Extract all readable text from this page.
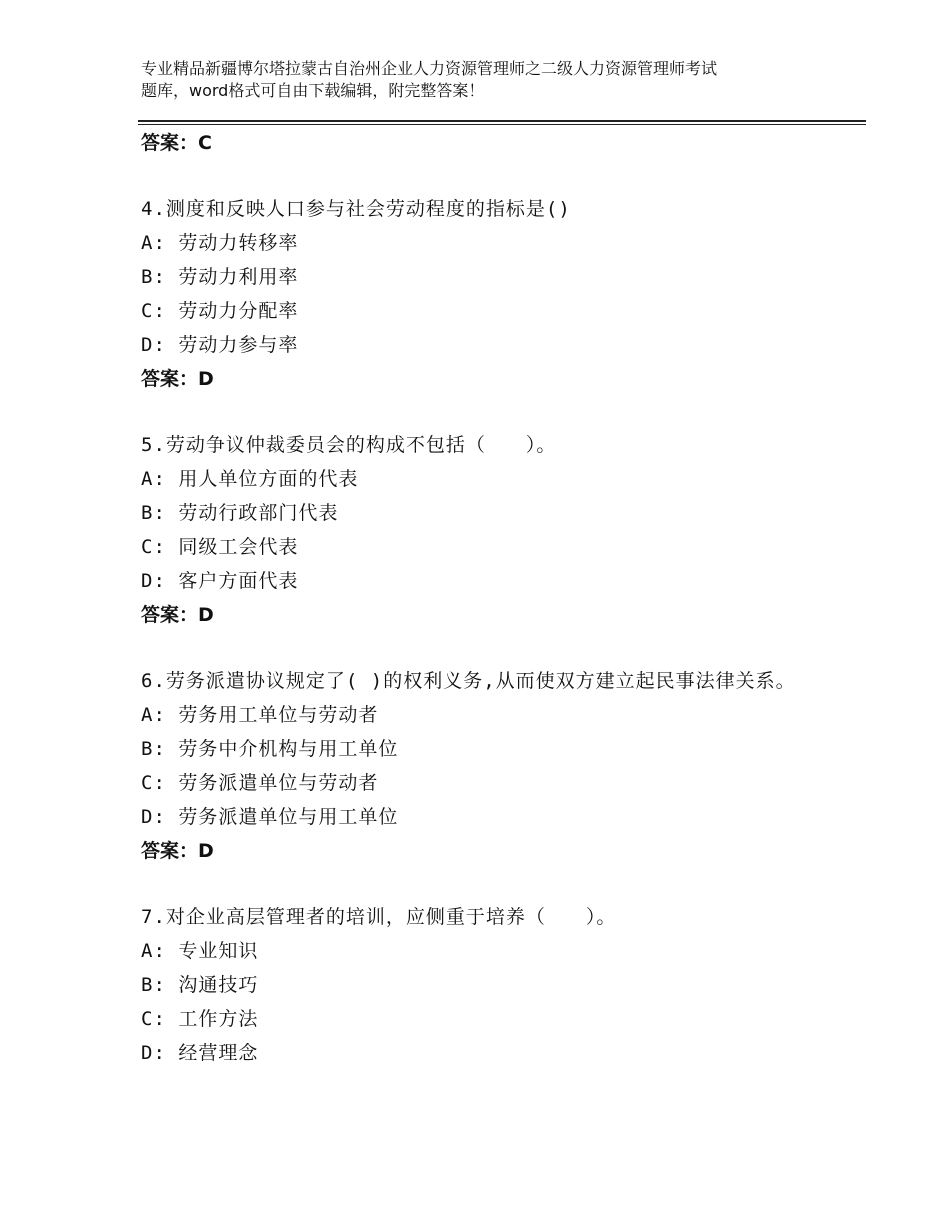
专业精品新疆博尔塔拉蒙古自治州企业人力资源管理师之二级人力资源管理师考试
题库，word格式可自由下载编辑，附完整答案！
答案：C
4.测度和反映人口参与社会劳动程度的指标是()
A: 劳动力转移率
B: 劳动力利用率
C: 劳动力分配率
D: 劳动力参与率
答案：D
5.劳动争议仲裁委员会的构成不包括（　　）。
A: 用人单位方面的代表
B: 劳动行政部门代表
C: 同级工会代表
D: 客户方面代表
答案：D
6.劳务派遣协议规定了( )的权利义务,从而使双方建立起民事法律关系。
A: 劳务用工单位与劳动者
B: 劳务中介机构与用工单位
C: 劳务派遣单位与劳动者
D: 劳务派遣单位与用工单位
答案：D
7.对企业高层管理者的培训，应侧重于培养（　　）。
A: 专业知识
B: 沟通技巧
C: 工作方法
D: 经营理念
